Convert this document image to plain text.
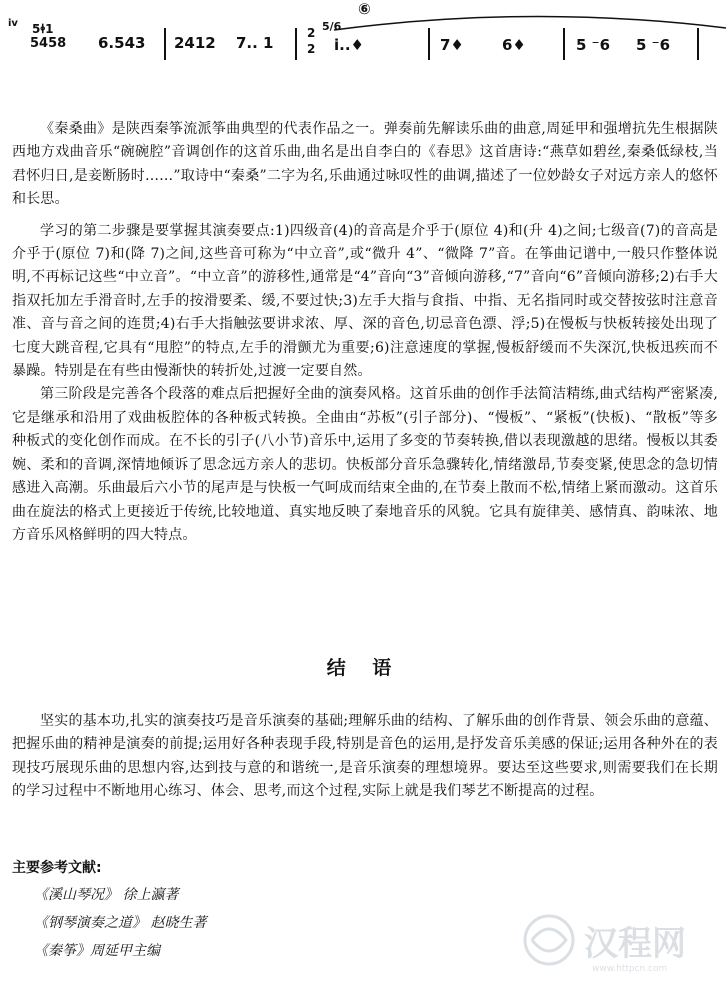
iv 5ꬹ1
5458 6.543 2412 7.. 1
2
2
5/6
⑥
i..♦	7♦	6♦	5 ⁻6 5 ⁻6

《秦桑曲》是陕西秦筝流派筝曲典型的代表作品之一。弹奏前先解读乐曲的曲意,周延甲和强增抗先生根据陕西地方戏曲音乐“碗碗腔”音调创作的这首乐曲,曲名是出自李白的《春思》这首唐诗:“燕草如碧丝,秦桑低绿枝,当君怀归日,是妾断肠时……”取诗中“秦桑”二字为名,乐曲通过咏叹性的曲调,描述了一位妙龄女子对远方亲人的悠怀和长思。

学习的第二步骤是要掌握其演奏要点:1)四级音(4)的音高是介乎于(原位 4)和(升 4)之间;七级音(7)的音高是介乎于(原位 7)和(降 7)之间,这些音可称为“中立音”,或“微升 4”、“微降 7”音。在筝曲记谱中,一般只作整体说明,不再标记这些“中立音”。“中立音”的游移性,通常是“4”音向“3”音倾向游移,“7”音向“6”音倾向游移;2)右手大指双托加左手滑音时,左手的按滑要柔、缓,不要过快;3)左手大指与食指、中指、无名指同时或交替按弦时注意音准、音与音之间的连贯;4)右手大指触弦要讲求浓、厚、深的音色,切忌音色漂、浮;5)在慢板与快板转接处出现了七度大跳音程,它具有“甩腔”的特点,左手的滑颤尤为重要;6)注意速度的掌握,慢板舒缓而不失深沉,快板迅疾而不暴躁。特别是在有些由慢渐快的转折处,过渡一定要自然。

第三阶段是完善各个段落的难点后把握好全曲的演奏风格。这首乐曲的创作手法简洁精练,曲式结构严密紧凑,它是继承和沿用了戏曲板腔体的各种板式转换。全曲由“苏板”(引子部分)、“慢板”、“紧板”(快板)、“散板”等多种板式的变化创作而成。在不长的引子(八小节)音乐中,运用了多变的节奏转换,借以表现激越的思绪。慢板以其委婉、柔和的音调,深情地倾诉了思念远方亲人的悲切。快板部分音乐急骤转化,情绪激昂,节奏变紧,使思念的急切情感进入高潮。乐曲最后六小节的尾声是与快板一气呵成而结束全曲的,在节奏上散而不松,情绪上紧而激动。这首乐曲在旋法的格式上更接近于传统,比较地道、真实地反映了秦地音乐的风貌。它具有旋律美、感情真、韵味浓、地方音乐风格鲜明的四大特点。

结 语

坚实的基本功,扎实的演奏技巧是音乐演奏的基础;理解乐曲的结构、了解乐曲的创作背景、领会乐曲的意蕴、把握乐曲的精神是演奏的前提;运用好各种表现手段,特别是音色的运用,是抒发音乐美感的保证;运用各种外在的表现技巧展现乐曲的思想内容,达到技与意的和谐统一,是音乐演奏的理想境界。要达至这些要求,则需要我们在长期的学习过程中不断地用心练习、体会、思考,而这个过程,实际上就是我们琴艺不断提高的过程。

主要参考文献:
《溪山琴况》 徐上瀛著
《钢琴演奏之道》 赵晓生著
《秦筝》周延甲主编	汉程网
www.httpcn.com
